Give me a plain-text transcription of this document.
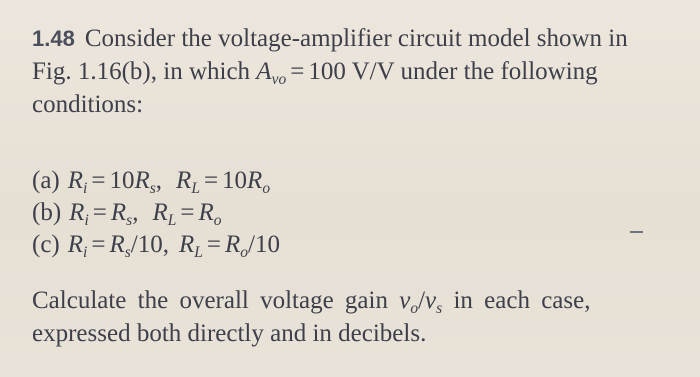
1.48 Consider the voltage-amplifier circuit model shown in
Fig. 1.16(b), in which $A_{vo} = 100$ V/V under the following
conditions:
(a) $R_i = 10R_s$, $R_L = 10R_o$
(b) $R_i = R_s$, $R_L = R_o$
(c) $R_i = R_s/10$, $R_L = R_o/10$
Calculate the overall voltage gain $v_o/v_s$ in each case,
expressed both directly and in decibels.
